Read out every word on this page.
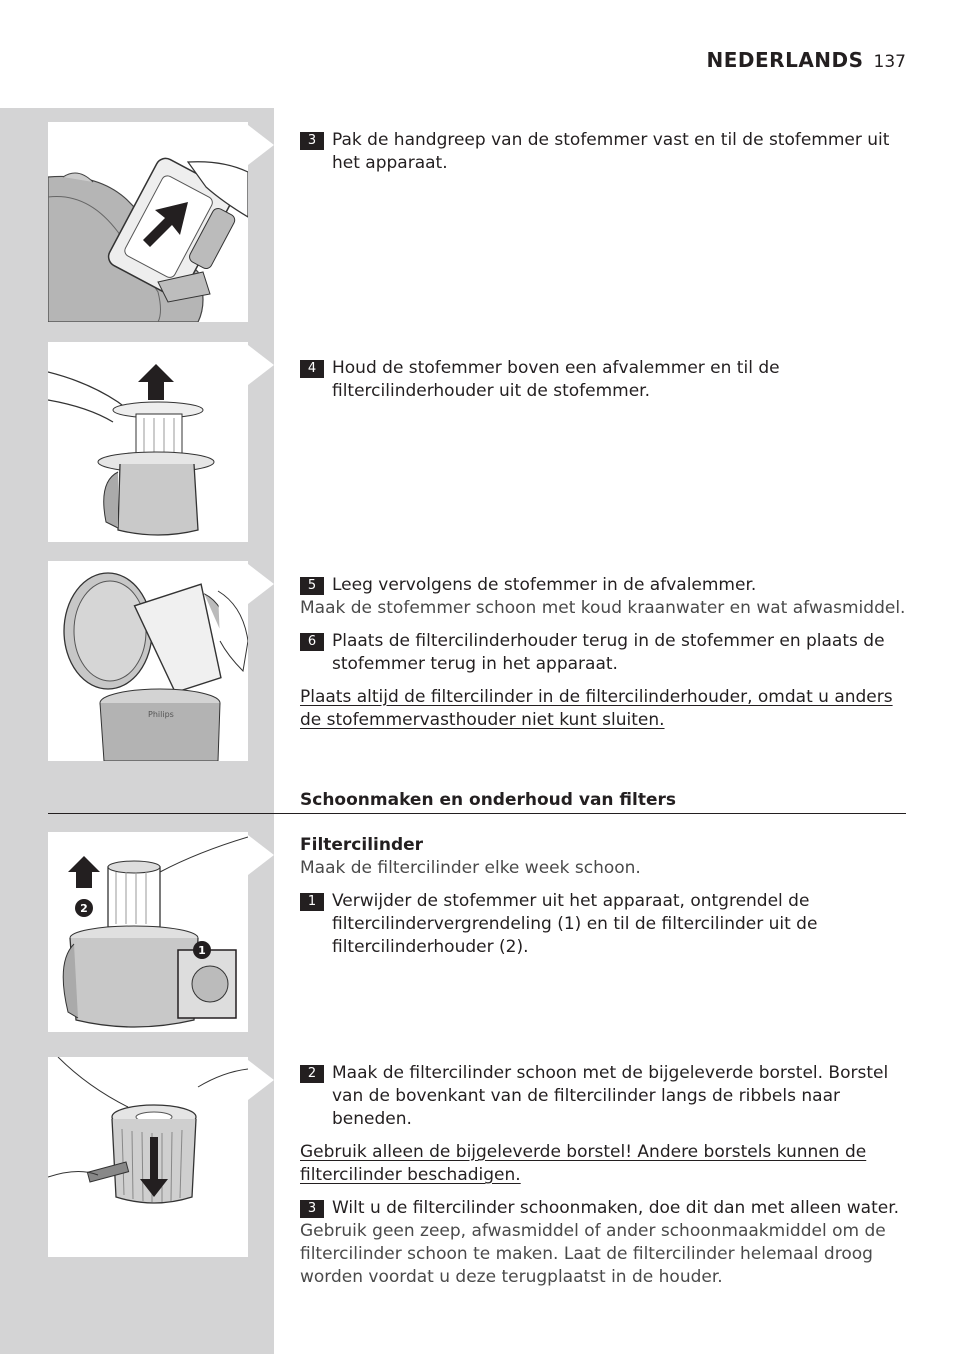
NEDERLANDS 137
Philips
2
1

3 Pak de handgreep van de stofemmer vast en til de stofemmer uit het apparaat.

4 Houd de stofemmer boven een afvalemmer en til de filtercilinderhouder uit de stofemmer.

5 Leeg vervolgens de stofemmer in de afvalemmer.

Maak de stofemmer schoon met koud kraanwater en wat afwasmiddel.

6 Plaats de filtercilinderhouder terug in de stofemmer en plaats de stofemmer terug in het apparaat.

Plaats altijd de filtercilinder in de filtercilinderhouder, omdat u anders de stofemmervasthouder niet kunt sluiten.

Schoonmaken en onderhoud van filters

Filtercilinder

Maak de filtercilinder elke week schoon.

1 Verwijder de stofemmer uit het apparaat, ontgrendel de filtercilindervergrendeling (1) en til de filtercilinder uit de filtercilinderhouder (2).

2 Maak de filtercilinder schoon met de bijgeleverde borstel. Borstel van de bovenkant van de filtercilinder langs de ribbels naar beneden.

Gebruik alleen de bijgeleverde borstel! Andere borstels kunnen de filtercilinder beschadigen.

3 Wilt u de filtercilinder schoonmaken, doe dit dan met alleen water.

Gebruik geen zeep, afwasmiddel of ander schoonmaakmiddel om de filtercilinder schoon te maken. Laat de filtercilinder helemaal droog worden voordat u deze terugplaatst in de houder.
